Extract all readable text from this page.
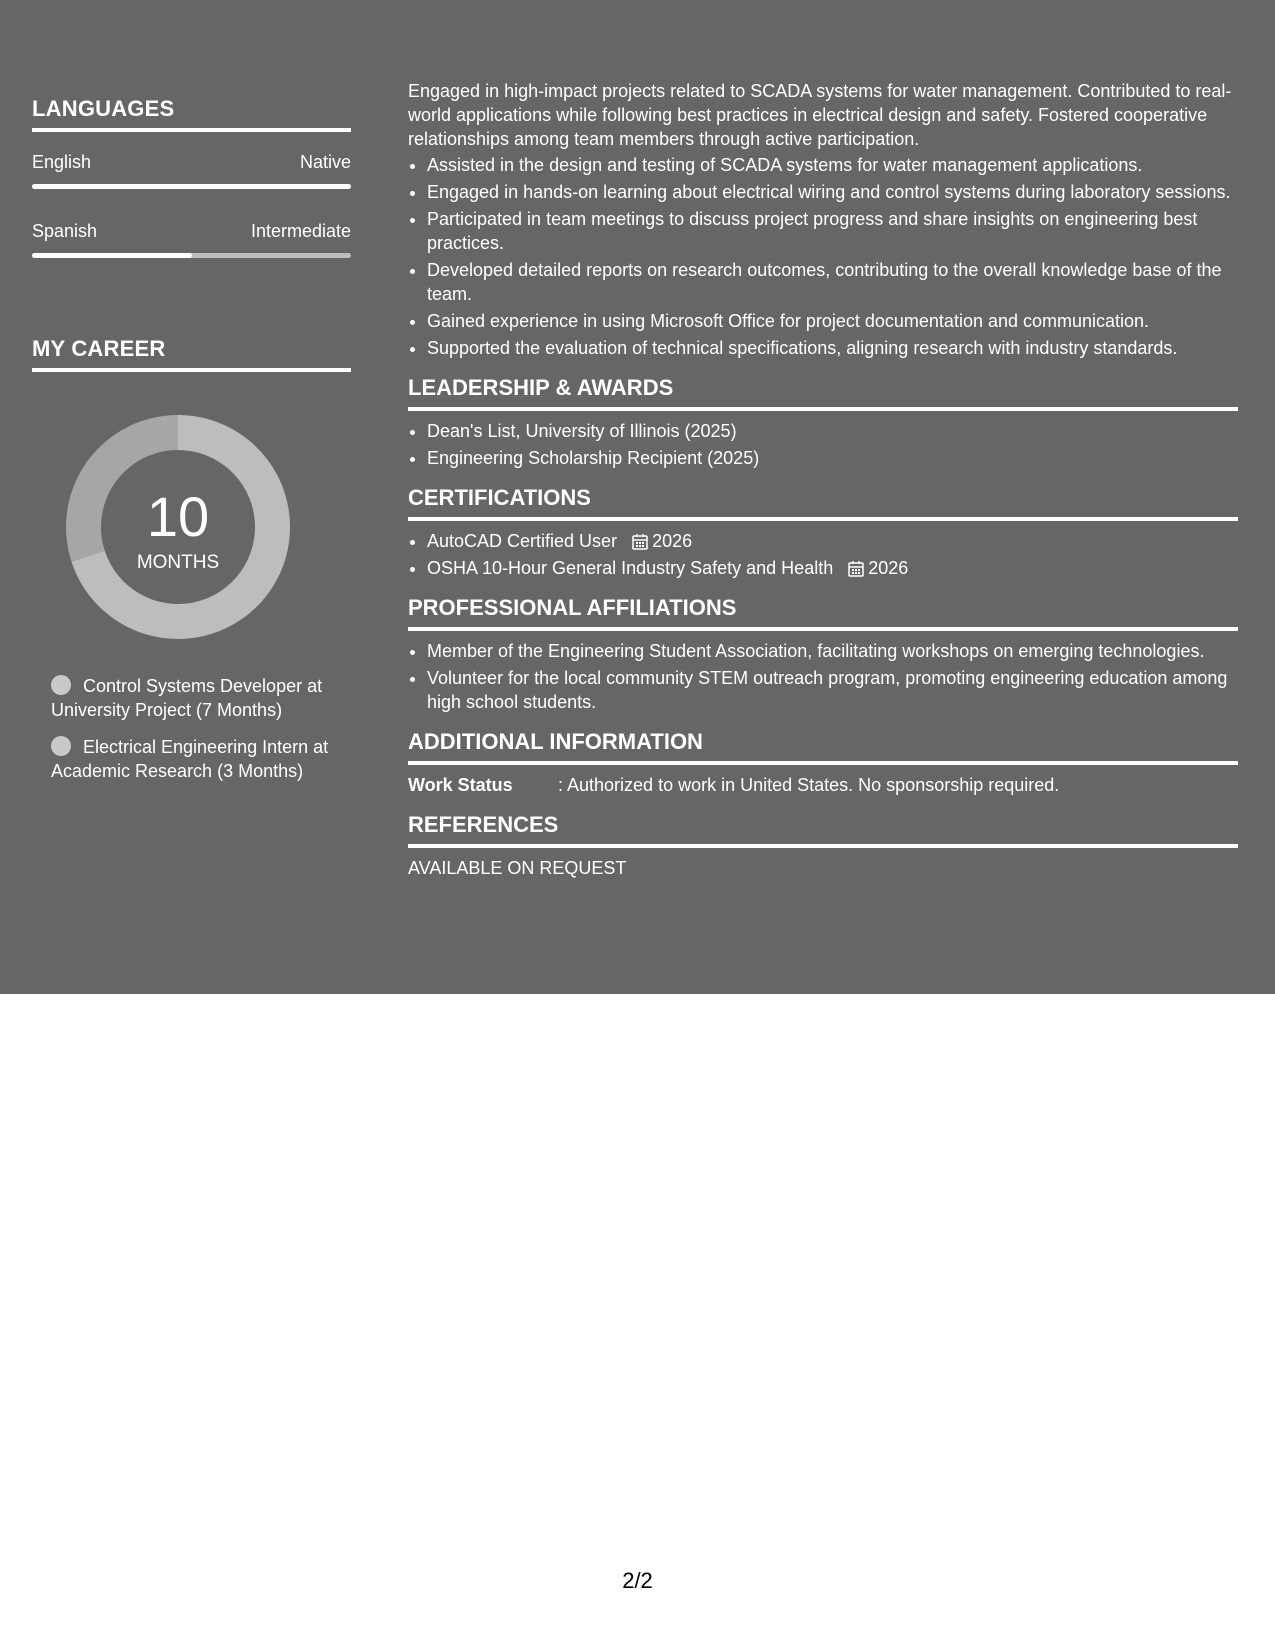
LANGUAGES
English	Native
Spanish	Intermediate
MY CAREER
10
MONTHS
Control Systems Developer at University Project (7 Months)
Electrical Engineering Intern at Academic Research (3 Months)

Engaged in high-impact projects related to SCADA systems for water management. Contributed to real-world applications while following best practices in electrical design and safety. Fostered cooperative relationships among team members through active participation.

• Assisted in the design and testing of SCADA systems for water management applications.
• Engaged in hands-on learning about electrical wiring and control systems during laboratory sessions.
• Participated in team meetings to discuss project progress and share insights on engineering best practices.
• Developed detailed reports on research outcomes, contributing to the overall knowledge base of the team.
• Gained experience in using Microsoft Office for project documentation and communication.
• Supported the evaluation of technical specifications, aligning research with industry standards.
LEADERSHIP & AWARDS
• Dean's List, University of Illinois (2025)
• Engineering Scholarship Recipient (2025)
CERTIFICATIONS
• AutoCAD Certified User 2026
• OSHA 10-Hour General Industry Safety and Health 2026
PROFESSIONAL AFFILIATIONS
• Member of the Engineering Student Association, facilitating workshops on emerging technologies.
• Volunteer for the local community STEM outreach program, promoting engineering education among high school students.
ADDITIONAL INFORMATION
Work Status	: Authorized to work in United States. No sponsorship required.
REFERENCES
AVAILABLE ON REQUEST
2/2
